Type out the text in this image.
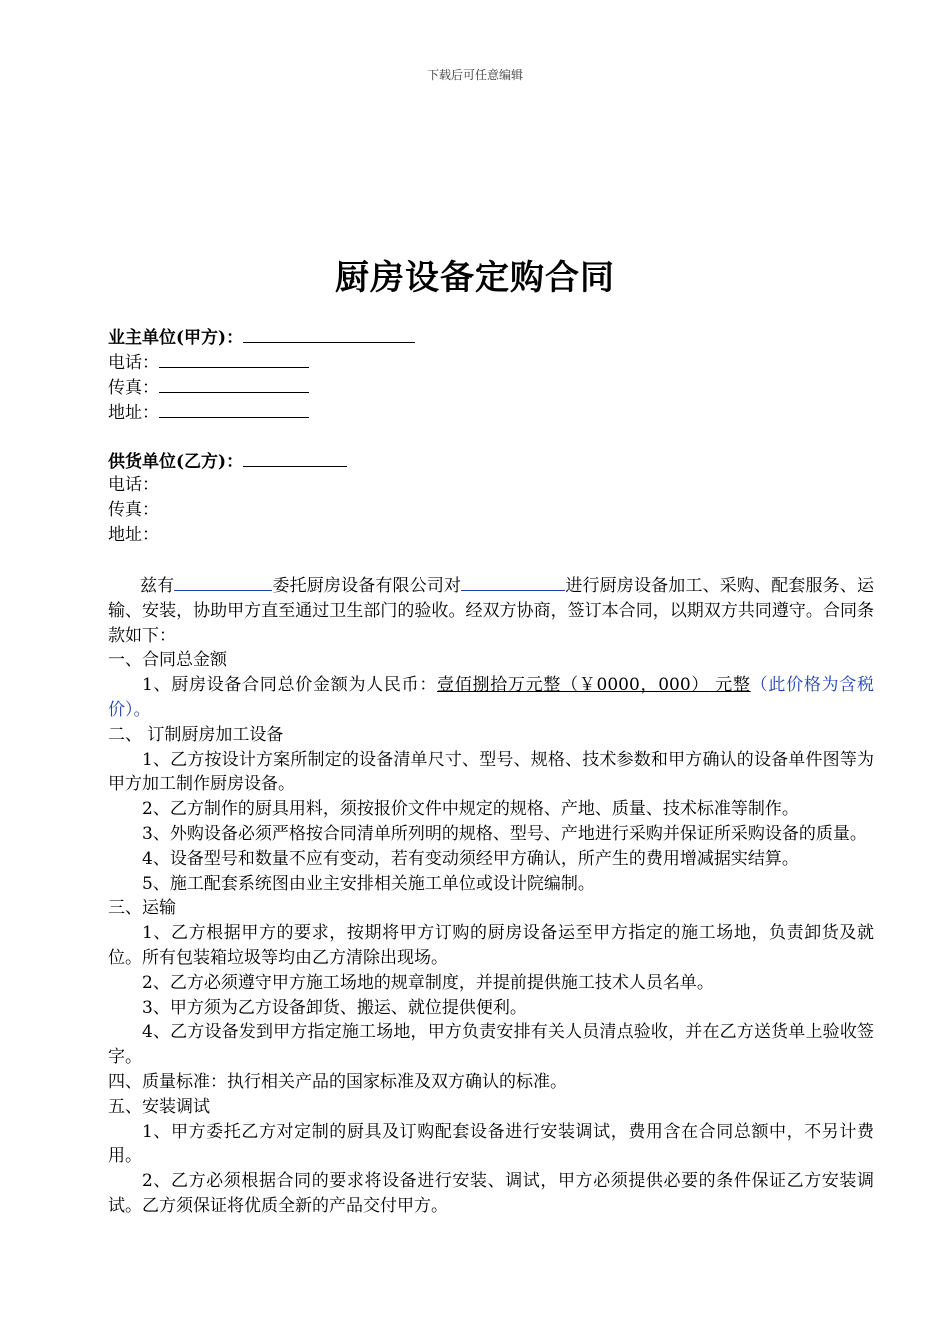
下载后可任意编辑
厨房设备定购合同
业主单位(甲方)：
电话：
传真：
地址：
供货单位(乙方)：
电话：
传真：
地址：

兹有	委托厨房设备有限公司对	进行厨房设备加工、采购、配套服务、运输、安装，协助甲方直至通过卫生部门的验收。经双方协商，签订本合同，以期双方共同遵守。合同条款如下：

一、合同总金额

1、厨房设备合同总价金额为人民币：壹佰捌拾万元整（￥0000，000） 元整（此价格为含税价）。

二、 订制厨房加工设备

1、乙方按设计方案所制定的设备清单尺寸、型号、规格、技术参数和甲方确认的设备单件图等为甲方加工制作厨房设备。

2、乙方制作的厨具用料，须按报价文件中规定的规格、产地、质量、技术标准等制作。

3、外购设备必须严格按合同清单所列明的规格、型号、产地进行采购并保证所采购设备的质量。

4、设备型号和数量不应有变动，若有变动须经甲方确认，所产生的费用增减据实结算。

5、施工配套系统图由业主安排相关施工单位或设计院编制。

三、运输

1、乙方根据甲方的要求，按期将甲方订购的厨房设备运至甲方指定的施工场地，负责卸货及就位。所有包装箱垃圾等均由乙方清除出现场。

2、乙方必须遵守甲方施工场地的规章制度，并提前提供施工技术人员名单。

3、甲方须为乙方设备卸货、搬运、就位提供便利。

4、乙方设备发到甲方指定施工场地，甲方负责安排有关人员清点验收，并在乙方送货单上验收签字。

四、质量标准：执行相关产品的国家标准及双方确认的标准。

五、安装调试

1、甲方委托乙方对定制的厨具及订购配套设备进行安装调试，费用含在合同总额中，不另计费用。

2、乙方必须根据合同的要求将设备进行安装、调试，甲方必须提供必要的条件保证乙方安装调试。乙方须保证将优质全新的产品交付甲方。
